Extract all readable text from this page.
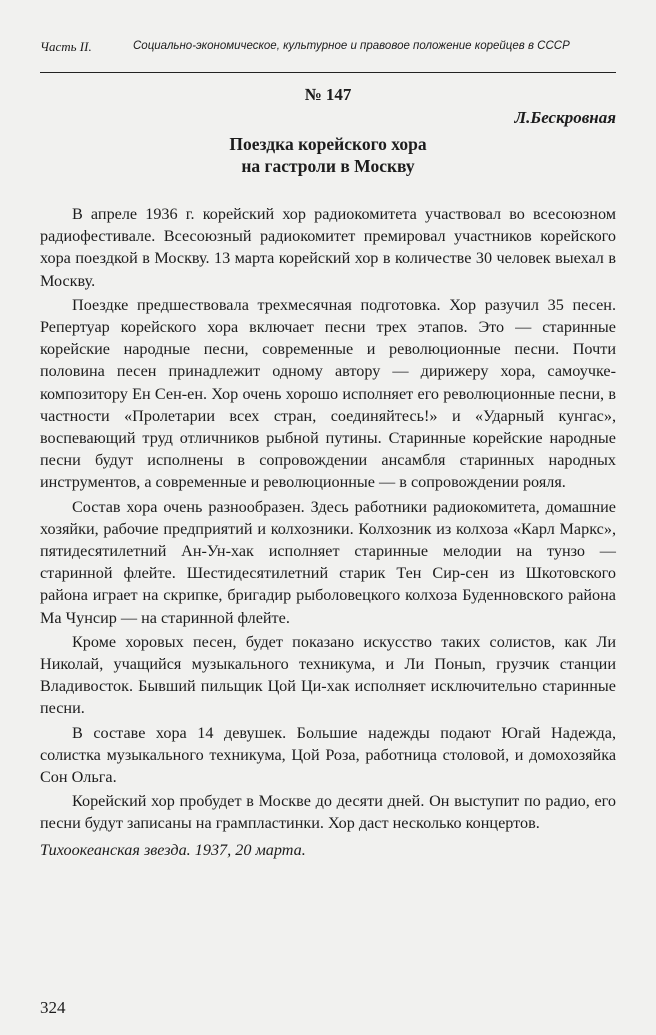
Часть II.	Социально-экономическое, культурное и правовое положение корейцев в СССР
№ 147
Л.Бескровная
Поездка корейского хора
на гастроли в Москву

В апреле 1936 г. корейский хор радиокомитета участвовал во всесоюзном радиофестивале. Всесоюзный радиокомитет премировал участников корейского хора поездкой в Москву. 13 марта корейский хор в количестве 30 человек выехал в Москву.

Поездке предшествовала трехмесячная подготовка. Хор разучил 35 песен. Репертуар корейского хора включает песни трех этапов. Это — старинные корейские народные песни, современные и революционные песни. Почти половина песен принадлежит одному автору — дирижеру хора, самоучке-композитору Ен Сен-ен. Хор очень хорошо исполняет его революционные песни, в частности «Пролетарии всех стран, соединяйтесь!» и «Ударный кунгас», воспевающий труд отличников рыбной путины. Старинные корейские народные песни будут исполнены в сопровождении ансамбля старинных народных инструментов, а современные и революционные — в сопровождении рояля.

Состав хора очень разнообразен. Здесь работники радиокомитета, домашние хозяйки, рабочие предприятий и колхозники. Колхозник из колхоза «Карл Маркс», пятидесятилетний Ан-Ун-хак исполняет старинные мелодии на тунзо — старинной флейте. Шестидесятилетний старик Тен Сир-сен из Шкотовского района играет на скрипке, бригадир рыболовецкого колхоза Буденновского района Ма Чунсир — на старинной флейте.

Кроме хоровых песен, будет показано искусство таких солистов, как Ли Николай, учащийся музыкального техникума, и Ли Поныn, грузчик станции Владивосток. Бывший пильщик Цой Ци-хак исполняет исключительно старинные песни.

В составе хора 14 девушек. Большие надежды подают Югай Надежда, солистка музыкального техникума, Цой Роза, работница столовой, и домохозяйка Сон Ольга.

Корейский хор пробудет в Москве до десяти дней. Он выступит по радио, его песни будут записаны на грампластинки. Хор даст несколько концертов.

Тихоокеанская звезда. 1937, 20 марта.

324
